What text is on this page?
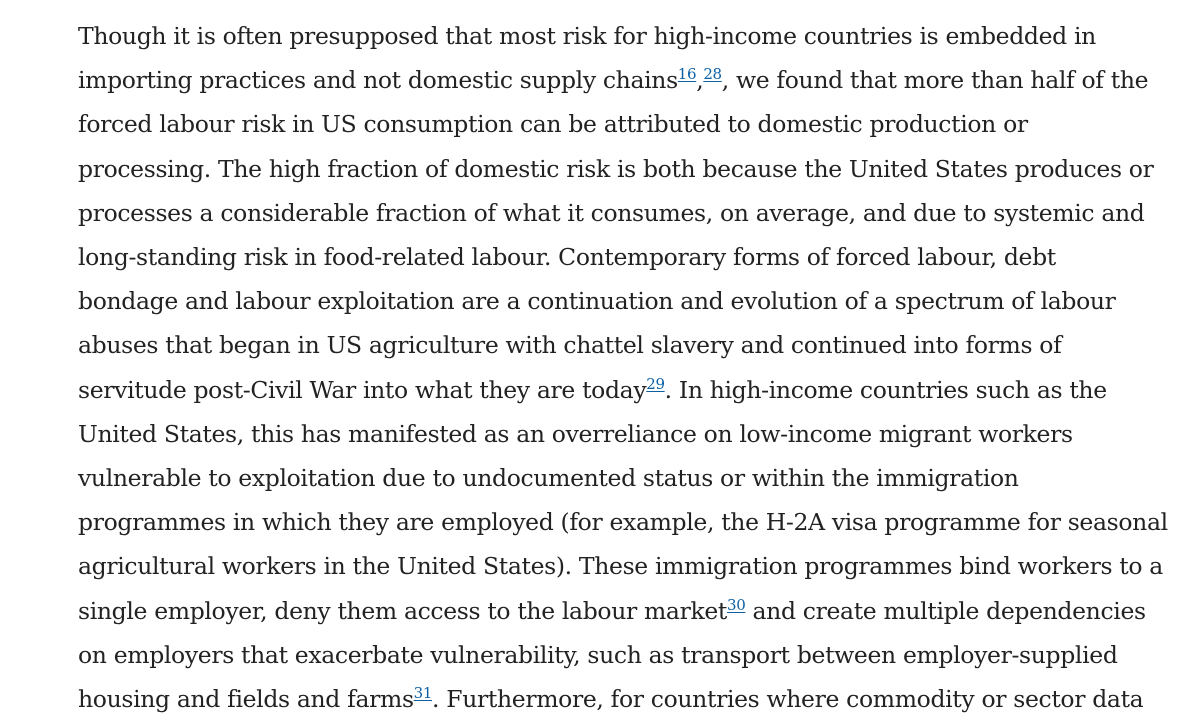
Though it is often presupposed that most risk for high-income countries is embedded in
importing practices and not domestic supply chains$^{16}$,$^{28}$, we found that more than half of the
forced labour risk in US consumption can be attributed to domestic production or
processing. The high fraction of domestic risk is both because the United States produces or
processes a considerable fraction of what it consumes, on average, and due to systemic and
long-standing risk in food-related labour. Contemporary forms of forced labour, debt
bondage and labour exploitation are a continuation and evolution of a spectrum of labour
abuses that began in US agriculture with chattel slavery and continued into forms of
servitude post-Civil War into what they are today$^{29}$. In high-income countries such as the
United States, this has manifested as an overreliance on low-income migrant workers
vulnerable to exploitation due to undocumented status or within the immigration
programmes in which they are employed (for example, the H-2A visa programme for seasonal
agricultural workers in the United States). These immigration programmes bind workers to a
single employer, deny them access to the labour market$^{30}$ and create multiple dependencies
on employers that exacerbate vulnerability, such as transport between employer-supplied
housing and fields and farms$^{31}$. Furthermore, for countries where commodity or sector data
